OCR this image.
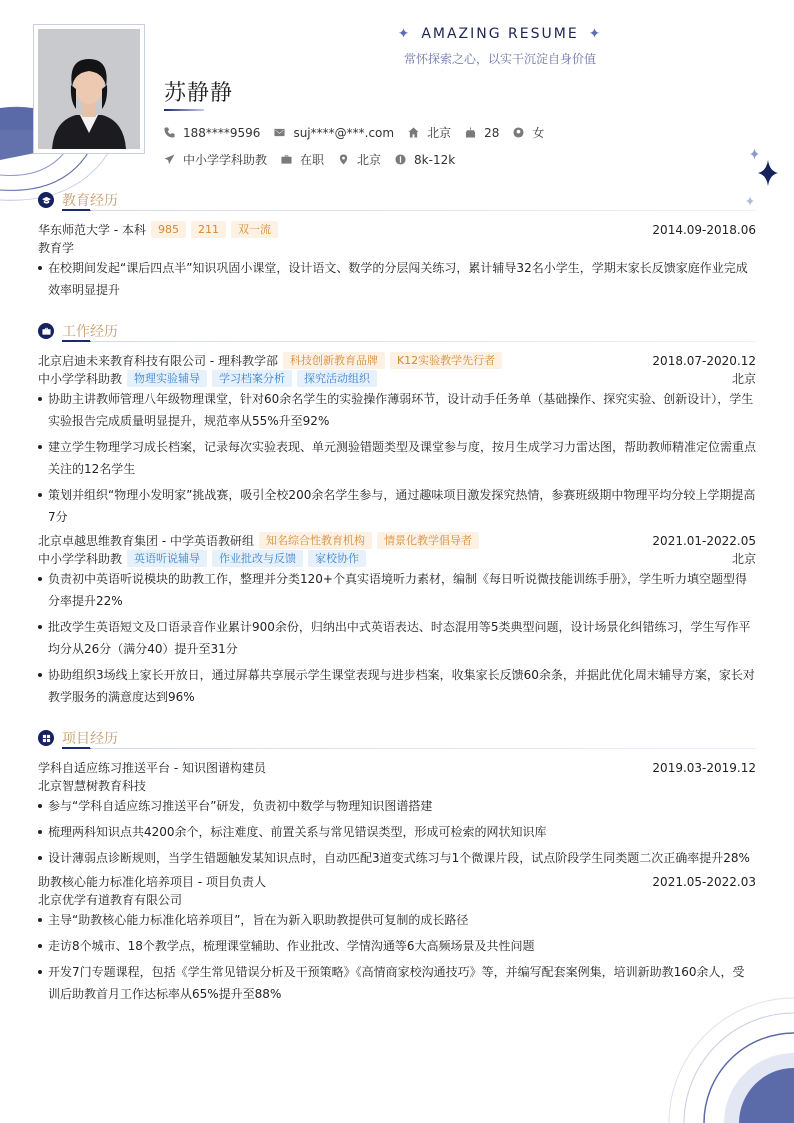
✦ AMAZING RESUME ✦
常怀探索之心，以实干沉淀自身价值
苏静静
188****9596	suj****@***.com	北京	28	女
中小学学科助教	在职	北京	8k-12k
教育经历
华东师范大学 - 本科	985	211	双一流	2014.09-2018.06
教育学
在校期间发起“课后四点半”知识巩固小课堂，设计语文、数学的分层闯关练习，累计辅导32名小学生，学期末家长反馈家庭作业完成效率明显提升
工作经历
北京启迪未来教育科技有限公司 - 理科教学部	科技创新教育品牌	K12实验教学先行者	2018.07-2020.12
中小学学科助教	物理实验辅导	学习档案分析	探究活动组织	北京
协助主讲教师管理八年级物理课堂，针对60余名学生的实验操作薄弱环节，设计动手任务单（基础操作、探究实验、创新设计），学生实验报告完成质量明显提升，规范率从55%升至92%
建立学生物理学习成长档案，记录每次实验表现、单元测验错题类型及课堂参与度，按月生成学习力雷达图，帮助教师精准定位需重点关注的12名学生
策划并组织“物理小发明家”挑战赛，吸引全校200余名学生参与，通过趣味项目激发探究热情，参赛班级期中物理平均分较上学期提高7分
北京卓越思维教育集团 - 中学英语教研组	知名综合性教育机构	情景化教学倡导者	2021.01-2022.05
中小学学科助教	英语听说辅导	作业批改与反馈	家校协作	北京
负责初中英语听说模块的助教工作，整理并分类120+个真实语境听力素材，编制《每日听说微技能训练手册》，学生听力填空题型得分率提升22%
批改学生英语短文及口语录音作业累计900余份，归纳出中式英语表达、时态混用等5类典型问题，设计场景化纠错练习，学生写作平均分从26分（满分40）提升至31分
协助组织3场线上家长开放日，通过屏幕共享展示学生课堂表现与进步档案，收集家长反馈60余条，并据此优化周末辅导方案，家长对教学服务的满意度达到96%
项目经历
学科自适应练习推送平台 - 知识图谱构建员	2019.03-2019.12
北京智慧树教育科技
参与“学科自适应练习推送平台”研发，负责初中数学与物理知识图谱搭建
梳理两科知识点共4200余个，标注难度、前置关系与常见错误类型，形成可检索的网状知识库
设计薄弱点诊断规则，当学生错题触发某知识点时，自动匹配3道变式练习与1个微课片段，试点阶段学生同类题二次正确率提升28%
助教核心能力标准化培养项目 - 项目负责人	2021.05-2022.03
北京优学有道教育有限公司
主导“助教核心能力标准化培养项目”，旨在为新入职助教提供可复制的成长路径
走访8个城市、18个教学点，梳理课堂辅助、作业批改、学情沟通等6大高频场景及共性问题
开发7门专题课程，包括《学生常见错误分析及干预策略》《高情商家校沟通技巧》等，并编写配套案例集，培训新助教160余人，受训后助教首月工作达标率从65%提升至88%
